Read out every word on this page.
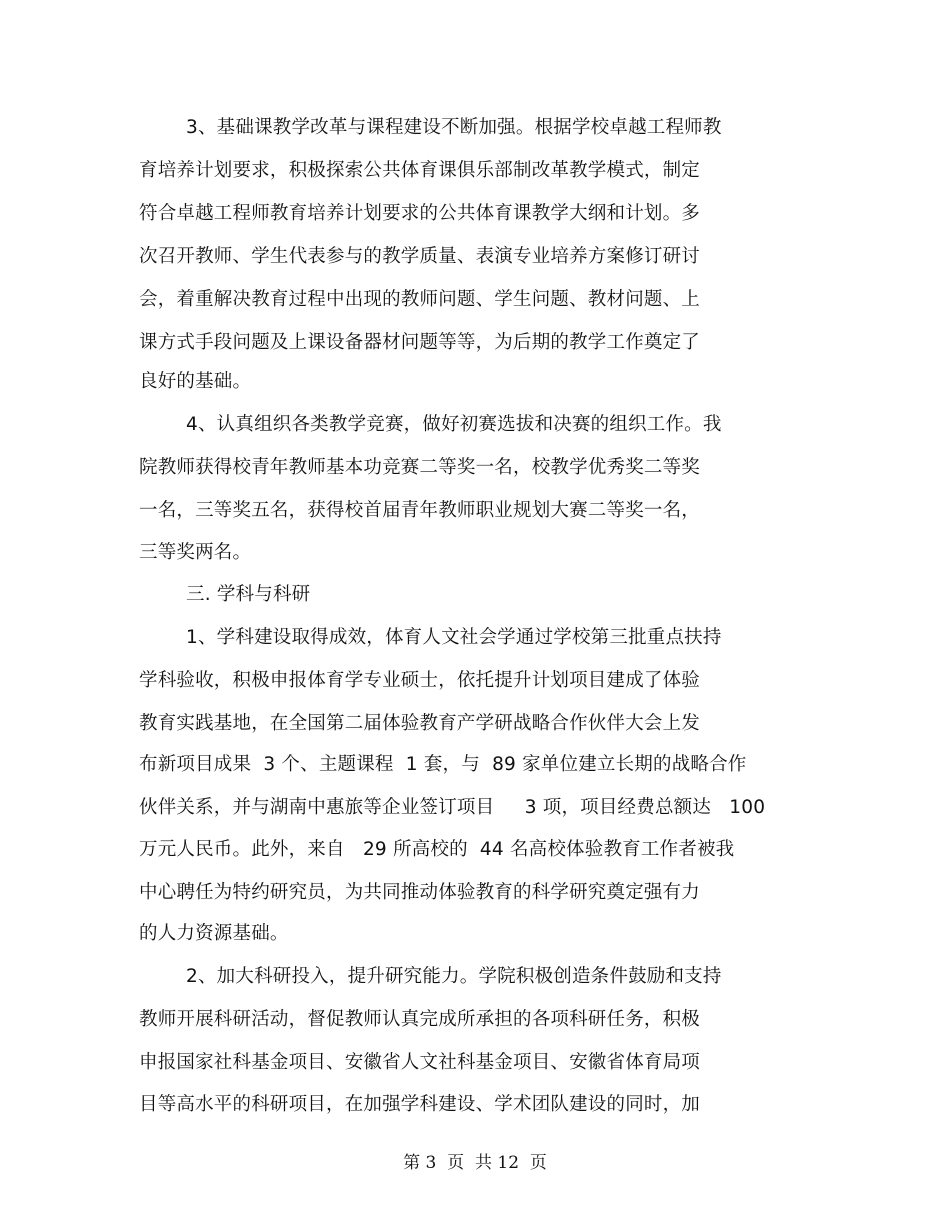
3、基础课教学改革与课程建设不断加强。根据学校卓越工程师教
育培养计划要求，积极探索公共体育课俱乐部制改革教学模式，制定
符合卓越工程师教育培养计划要求的公共体育课教学大纲和计划。多
次召开教师、学生代表参与的教学质量、表演专业培养方案修订研讨
会，着重解决教育过程中出现的教师问题、学生问题、教材问题、上
课方式手段问题及上课设备器材问题等等，为后期的教学工作奠定了
良好的基础。
4、认真组织各类教学竞赛，做好初赛选拔和决赛的组织工作。我
院教师获得校青年教师基本功竞赛二等奖一名，校教学优秀奖二等奖
一名，三等奖五名，获得校首届青年教师职业规划大赛二等奖一名，
三等奖两名。
三. 学科与科研
1、学科建设取得成效，体育人文社会学通过学校第三批重点扶持
学科验收，积极申报体育学专业硕士，依托提升计划项目建成了体验
教育实践基地，在全国第二届体验教育产学研战略合作伙伴大会上发
布新项目成果  3 个、主题课程  1 套，与  89 家单位建立长期的战略合作
伙伴关系，并与湖南中惠旅等企业签订项目     3 项，项目经费总额达   100
万元人民币。此外，来自   29 所高校的  44 名高校体验教育工作者被我
中心聘任为特约研究员，为共同推动体验教育的科学研究奠定强有力
的人力资源基础。
2、加大科研投入，提升研究能力。学院积极创造条件鼓励和支持
教师开展科研活动，督促教师认真完成所承担的各项科研任务，积极
申报国家社科基金项目、安徽省人文社科基金项目、安徽省体育局项
目等高水平的科研项目，在加强学科建设、学术团队建设的同时，加
第 3  页  共 12  页
